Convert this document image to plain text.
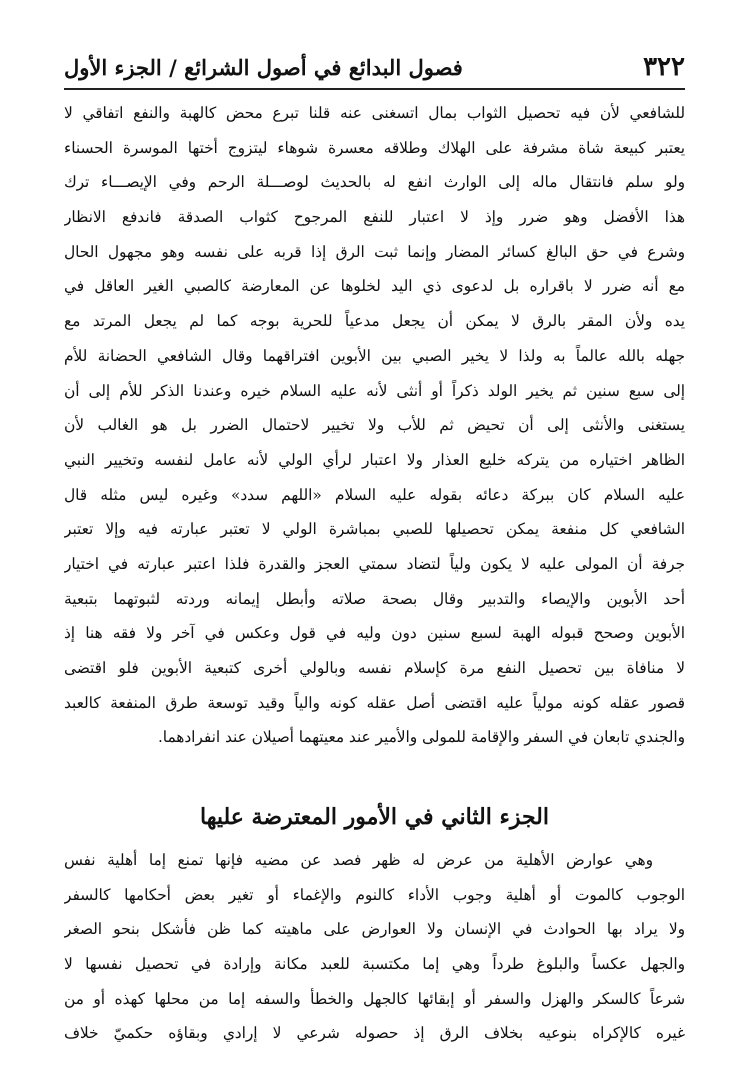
٣٢٢
فصول البدائع في أصول الشرائع / الجزء الأول
للشافعي لأن فيه تحصيل الثواب بمال اتسغنى عنه قلنا تبرع محض كالهبة والنفع اتفاقي لا
يعتبر كبيعة شاة مشرفة على الهلاك وطلاقه معسرة شوهاء ليتزوج أختها الموسرة الحسناء
ولو سلم فانتقال ماله إلى الوارث انفع له بالحديث لوصـــلة الرحم وفي الإيصـــاء ترك
هذا الأفضل وهو ضرر وإذ لا اعتبار للنفع المرجوح كثواب الصدقة فاندفع الانظار
وشرع في حق البالغ كسائر المضار وإنما ثبت الرق إذا قربه على نفسه وهو مجهول الحال
مع أنه ضرر لا باقراره بل لدعوى ذي اليد لخلوها عن المعارضة كالصبي الغير العاقل في
يده ولأن المقر بالرق لا يمكن أن يجعل مدعياً للحرية بوجه كما لم يجعل المرتد مع
جهله بالله عالماً به ولذا لا يخير الصبي بين الأبوين افتراقهما وقال الشافعي الحضانة للأم
إلى سبع سنين ثم يخير الولد ذكراً أو أنثى لأنه عليه السلام خيره وعندنا الذكر للأم إلى أن
يستغنى والأنثى إلى أن تحيض ثم للأب ولا تخيير لاحتمال الضرر بل هو الغالب لأن
الظاهر اختياره من يتركه خليع العذار ولا اعتبار لرأي الولي لأنه عامل لنفسه وتخيير النبي
عليه السلام كان ببركة دعائه بقوله عليه السلام «اللهم سدد» وغيره ليس مثله قال
الشافعي كل منفعة يمكن تحصيلها للصبي بمباشرة الولي لا تعتبر عبارته فيه وإلا تعتبر
جرفة أن المولى عليه لا يكون ولياً لتضاد سمتي العجز والقدرة فلذا اعتبر عبارته في اختيار
أحد الأبوين والإيصاء والتدبير وقال بصحة صلاته وأبطل إيمانه وردته لثبوتهما بتبعية
الأبوين وصحح قبوله الهبة لسبع سنين دون وليه في قول وعكس في آخر ولا فقه هنا إذ
لا منافاة بين تحصيل النفع مرة كإسلام نفسه وبالولي أخرى كتبعية الأبوين فلو اقتضى
قصور عقله كونه مولياً عليه اقتضى أصل عقله كونه والياً وقيد توسعة طرق المنفعة كالعبد
والجندي تابعان في السفر والإقامة للمولى والأمير عند معيتهما أصيلان عند انفرادهما.
الجزء الثاني في الأمور المعترضة عليها
وهي عوارض الأهلية من عرض له ظهر فصد عن مضيه فإنها تمنع إما أهلية نفس
الوجوب كالموت أو أهلية وجوب الأداء كالنوم والإغماء أو تغير بعض أحكامها كالسفر
ولا يراد بها الحوادث في الإنسان ولا العوارض على ماهيته كما ظن فأشكل بنحو الصغر
والجهل عكساً والبلوغ طرداً وهي إما مكتسبة للعبد مكانة وإرادة في تحصيل نفسها لا
شرعاً كالسكر والهزل والسفر أو إبقائها كالجهل والخطأ والسفه إما من محلها كهذه أو من
غيره كالإكراه بنوعيه بخلاف الرق إذ حصوله شرعي لا إرادي وبقاؤه حكميّ خلاف
